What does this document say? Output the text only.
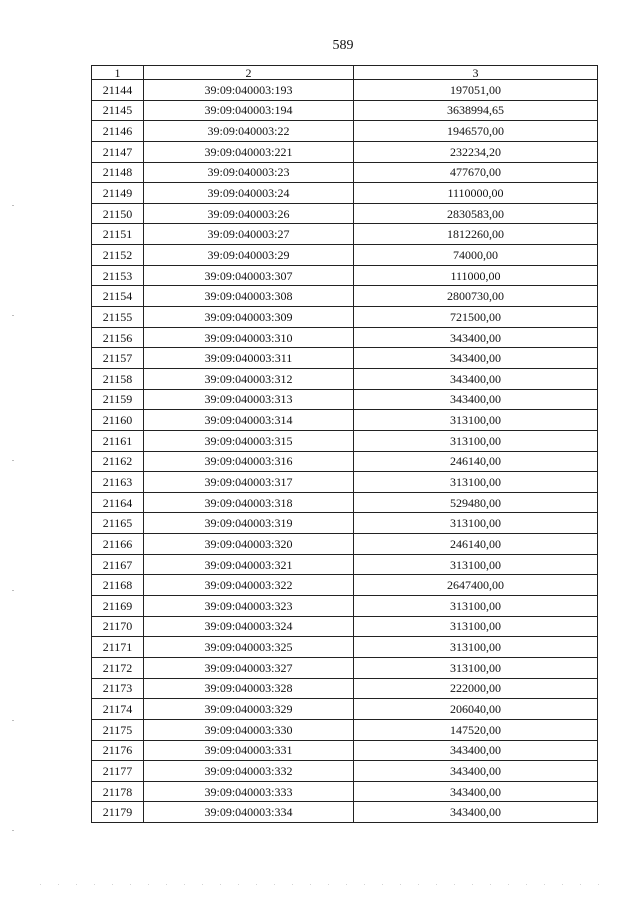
589
1	2	3
21144	39:09:040003:193	197051,00
21145	39:09:040003:194	3638994,65
21146	39:09:040003:22	1946570,00
21147	39:09:040003:221	232234,20
21148	39:09:040003:23	477670,00
21149	39:09:040003:24	1110000,00
21150	39:09:040003:26	2830583,00
21151	39:09:040003:27	1812260,00
21152	39:09:040003:29	74000,00
21153	39:09:040003:307	111000,00
21154	39:09:040003:308	2800730,00
21155	39:09:040003:309	721500,00
21156	39:09:040003:310	343400,00
21157	39:09:040003:311	343400,00
21158	39:09:040003:312	343400,00
21159	39:09:040003:313	343400,00
21160	39:09:040003:314	313100,00
21161	39:09:040003:315	313100,00
21162	39:09:040003:316	246140,00
21163	39:09:040003:317	313100,00
21164	39:09:040003:318	529480,00
21165	39:09:040003:319	313100,00
21166	39:09:040003:320	246140,00
21167	39:09:040003:321	313100,00
21168	39:09:040003:322	2647400,00
21169	39:09:040003:323	313100,00
21170	39:09:040003:324	313100,00
21171	39:09:040003:325	313100,00
21172	39:09:040003:327	313100,00
21173	39:09:040003:328	222000,00
21174	39:09:040003:329	206040,00
21175	39:09:040003:330	147520,00
21176	39:09:040003:331	343400,00
21177	39:09:040003:332	343400,00
21178	39:09:040003:333	343400,00
21179	39:09:040003:334	343400,00
